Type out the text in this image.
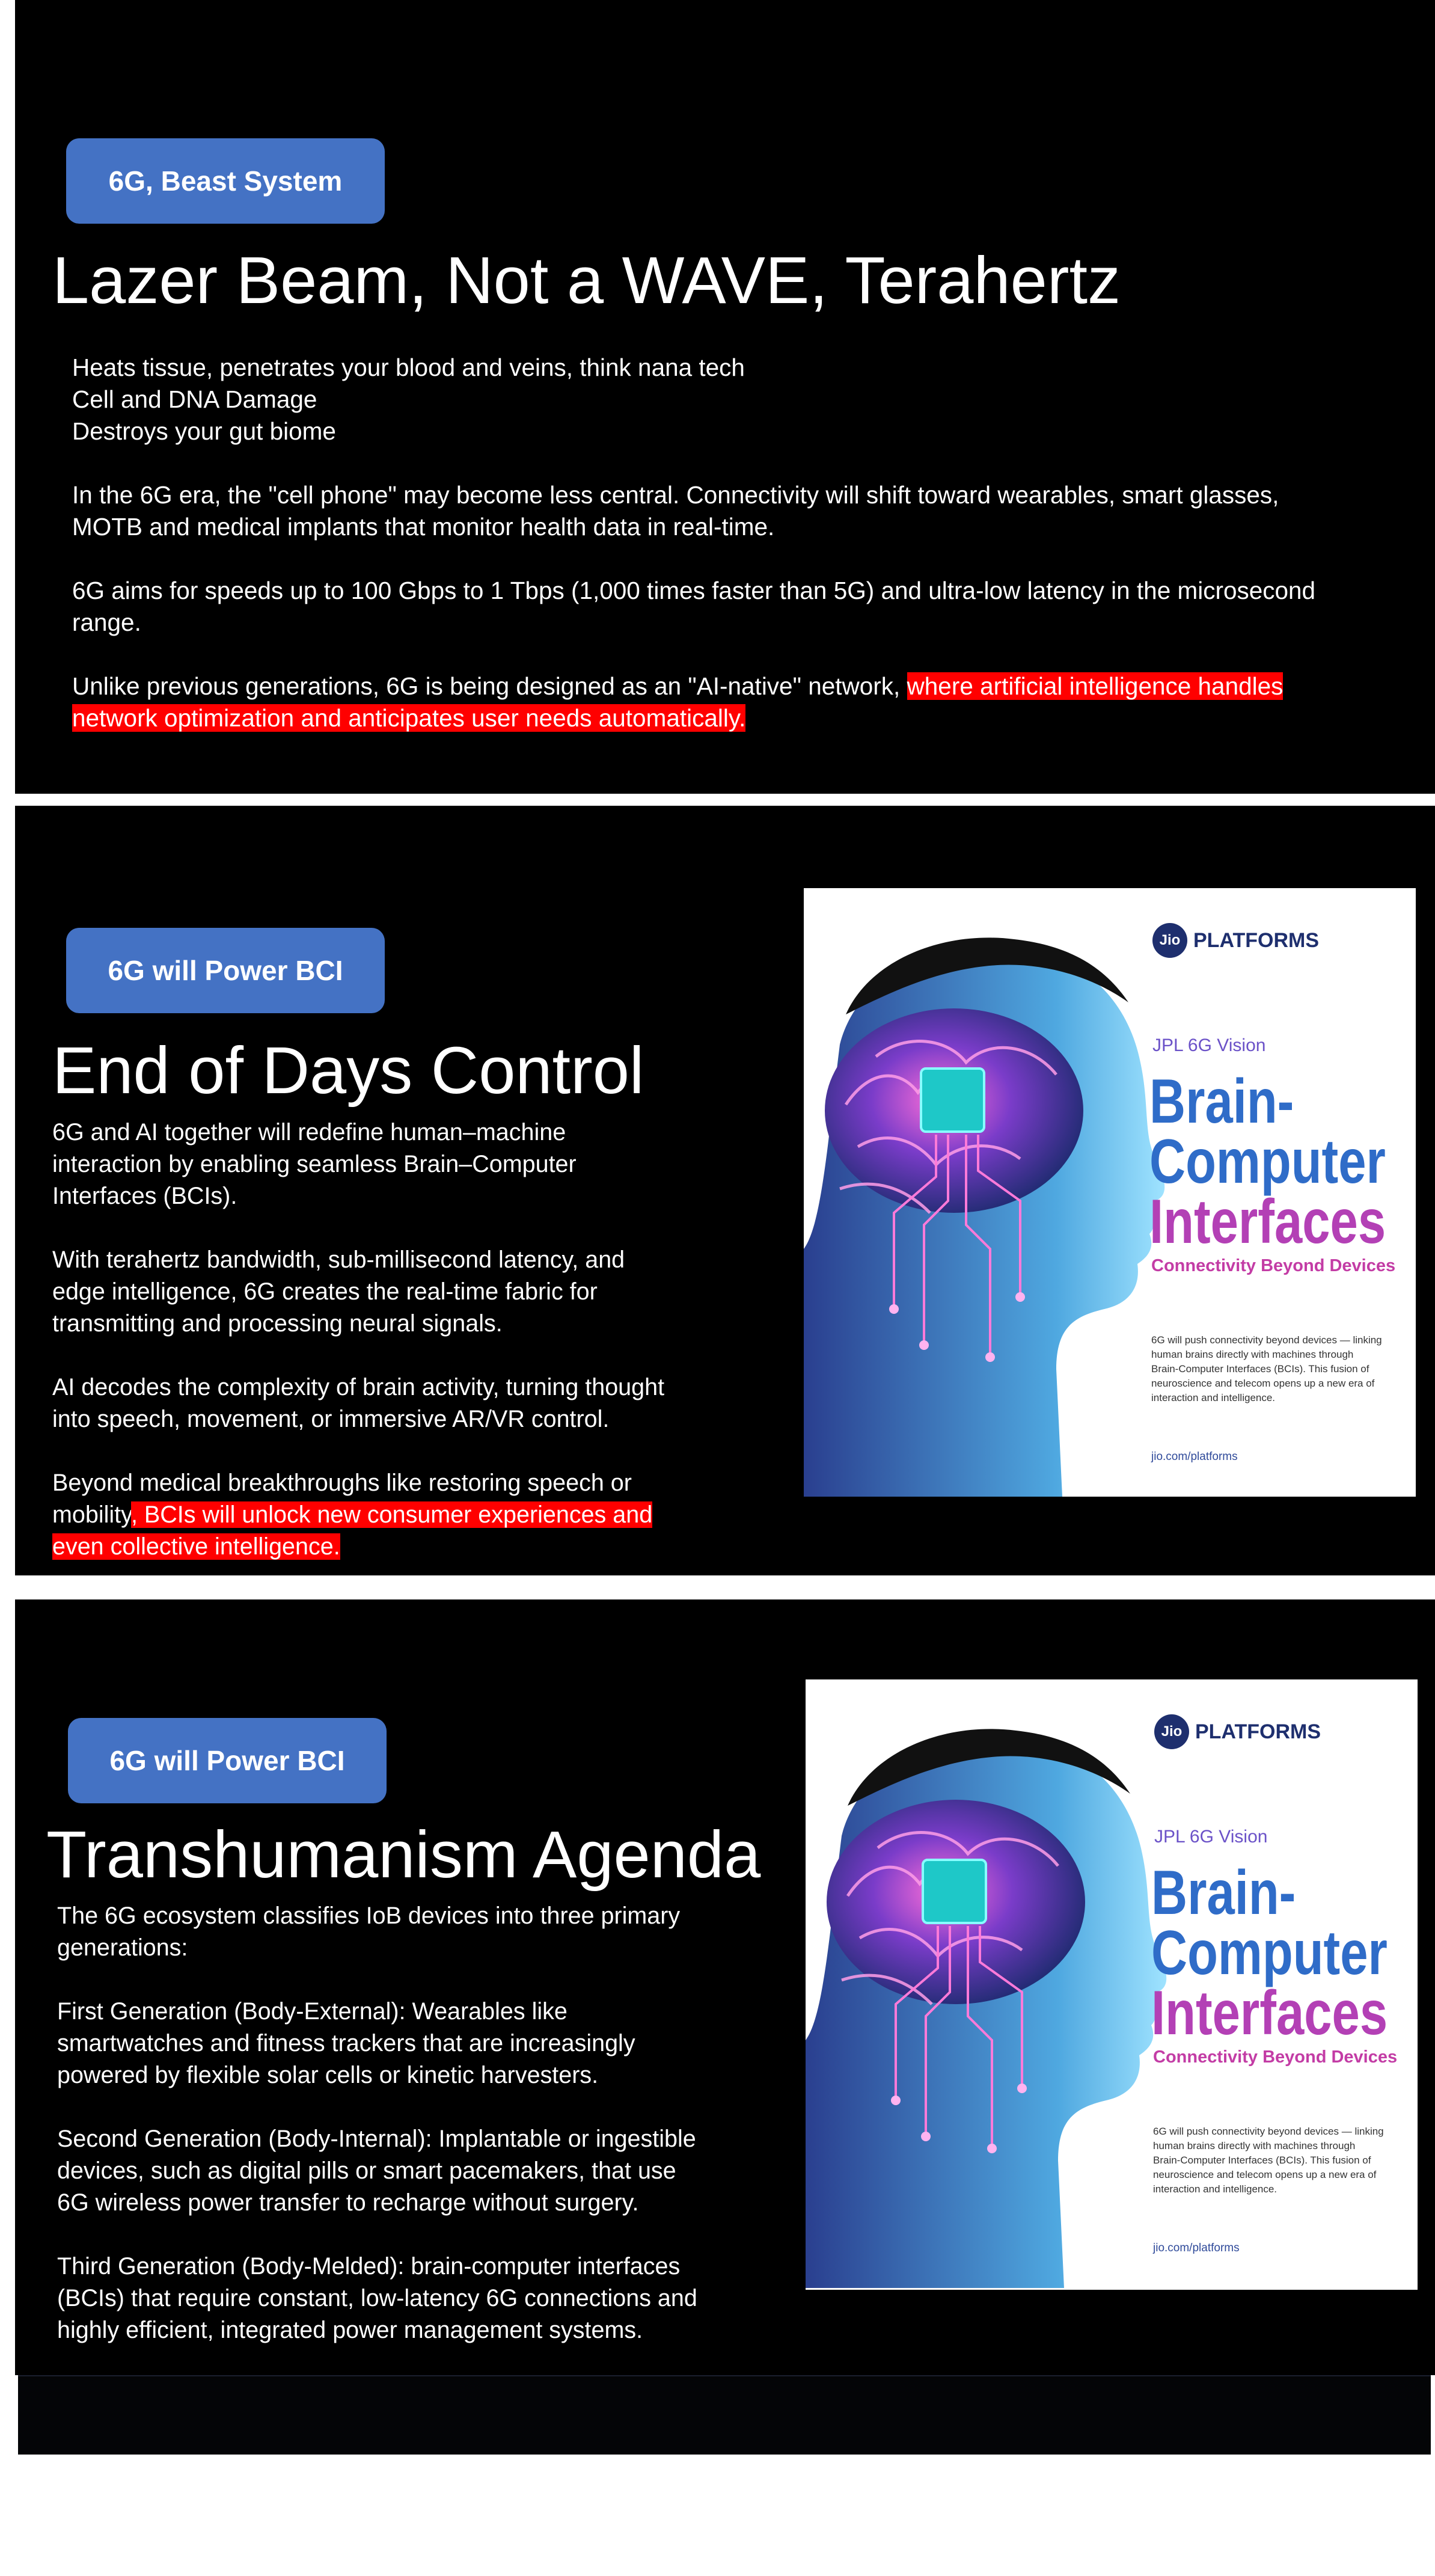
6G, Beast System
Lazer Beam, Not a WAVE, Terahertz

Heats tissue, penetrates your blood and veins, think nana tech
Cell and DNA Damage
Destroys your gut biome

In the 6G era, the "cell phone" may become less central. Connectivity will shift toward wearables, smart glasses,
MOTB and medical implants that monitor health data in real-time.

6G aims for speeds up to 100 Gbps to 1 Tbps (1,000 times faster than 5G) and ultra-low latency in the microsecond
range.

Unlike previous generations, 6G is being designed as an "AI-native" network, where artificial intelligence handles
network optimization and anticipates user needs automatically.

6G will Power BCI
End of Days Control

6G and AI together will redefine human–machine
interaction by enabling seamless Brain–Computer
Interfaces (BCIs).

With terahertz bandwidth, sub-millisecond latency, and
edge intelligence, 6G creates the real-time fabric for
transmitting and processing neural signals.

AI decodes the complexity of brain activity, turning thought
into speech, movement, or immersive AR/VR control.

Beyond medical breakthroughs like restoring speech or
mobility, BCIs will unlock new consumer experiences and
even collective intelligence.

Jio PLATFORMS
JPL 6G Vision
Brain-
Computer
Interfaces
Connectivity Beyond Devices
6G will push connectivity beyond devices — linking human brains directly with machines through Brain-Computer Interfaces (BCIs). This fusion of neuroscience and telecom opens up a new era of interaction and intelligence.
jio.com/platforms
6G will Power BCI
Transhumanism Agenda

The 6G ecosystem classifies IoB devices into three primary
generations:

First Generation (Body-External): Wearables like
smartwatches and fitness trackers that are increasingly
powered by flexible solar cells or kinetic harvesters.

Second Generation (Body-Internal): Implantable or ingestible
devices, such as digital pills or smart pacemakers, that use
6G wireless power transfer to recharge without surgery.

Third Generation (Body-Melded): brain-computer interfaces
(BCIs) that require constant, low-latency 6G connections and
highly efficient, integrated power management systems.

Jio PLATFORMS
JPL 6G Vision
Brain-
Computer
Interfaces
Connectivity Beyond Devices
6G will push connectivity beyond devices — linking human brains directly with machines through Brain-Computer Interfaces (BCIs). This fusion of neuroscience and telecom opens up a new era of interaction and intelligence.
jio.com/platforms
